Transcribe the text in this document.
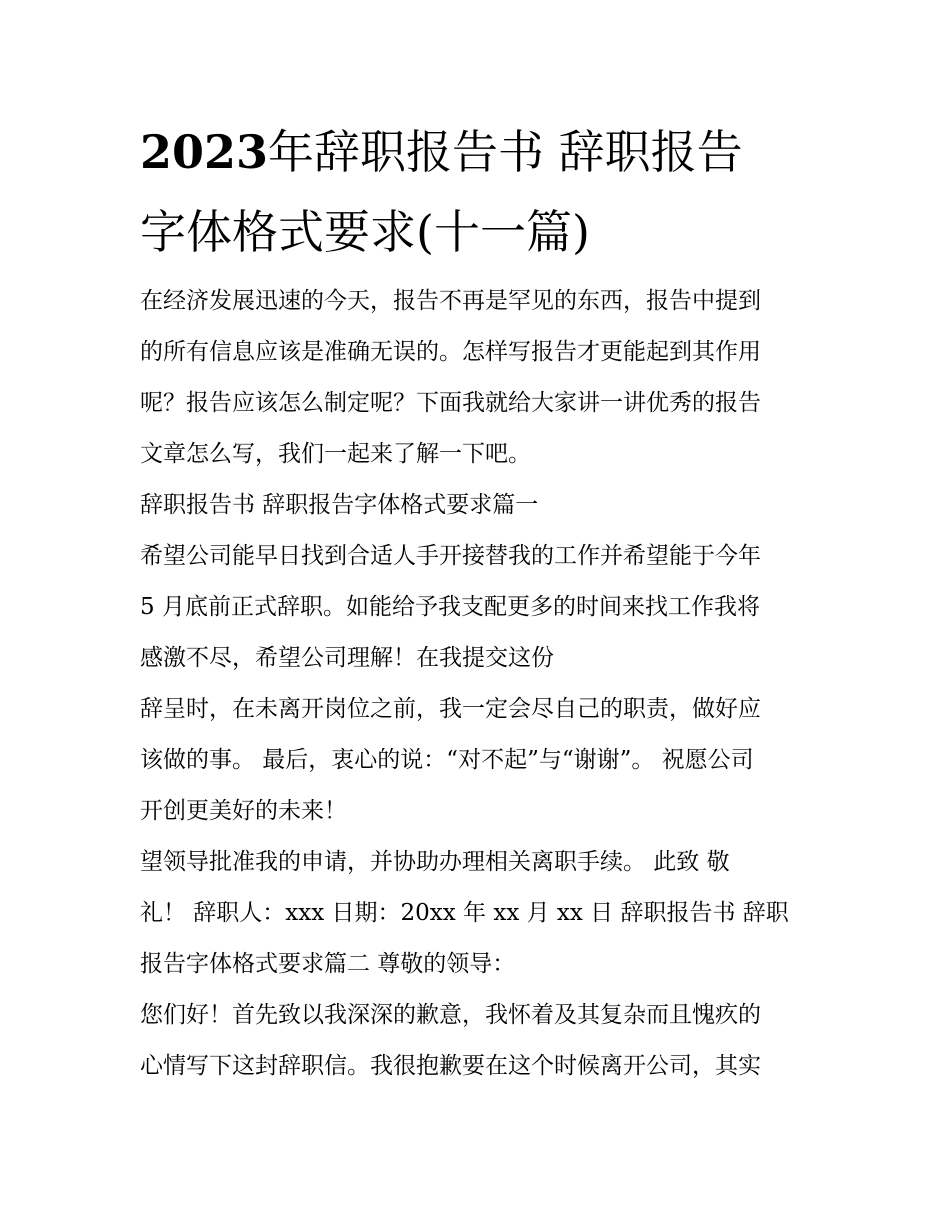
2023年辞职报告书 辞职报告
字体格式要求(十一篇)
在经济发展迅速的今天，报告不再是罕见的东西，报告中提到
的所有信息应该是准确无误的。怎样写报告才更能起到其作用
呢？报告应该怎么制定呢？下面我就给大家讲一讲优秀的报告
文章怎么写，我们一起来了解一下吧。
辞职报告书 辞职报告字体格式要求篇一
希望公司能早日找到合适人手开接替我的工作并希望能于今年
5 月底前正式辞职。如能给予我支配更多的时间来找工作我将
感激不尽，希望公司理解！在我提交这份
辞呈时，在未离开岗位之前，我一定会尽自己的职责，做好应
该做的事。 最后，衷心的说：“对不起”与“谢谢”。 祝愿公司
开创更美好的未来！
望领导批准我的申请，并协助办理相关离职手续。 此致 敬
礼！ 辞职人：xxx 日期：20xx 年 xx 月 xx 日 辞职报告书 辞职
报告字体格式要求篇二 尊敬的领导：
您们好！首先致以我深深的歉意，我怀着及其复杂而且愧疚的
心情写下这封辞职信。我很抱歉要在这个时候离开公司，其实
